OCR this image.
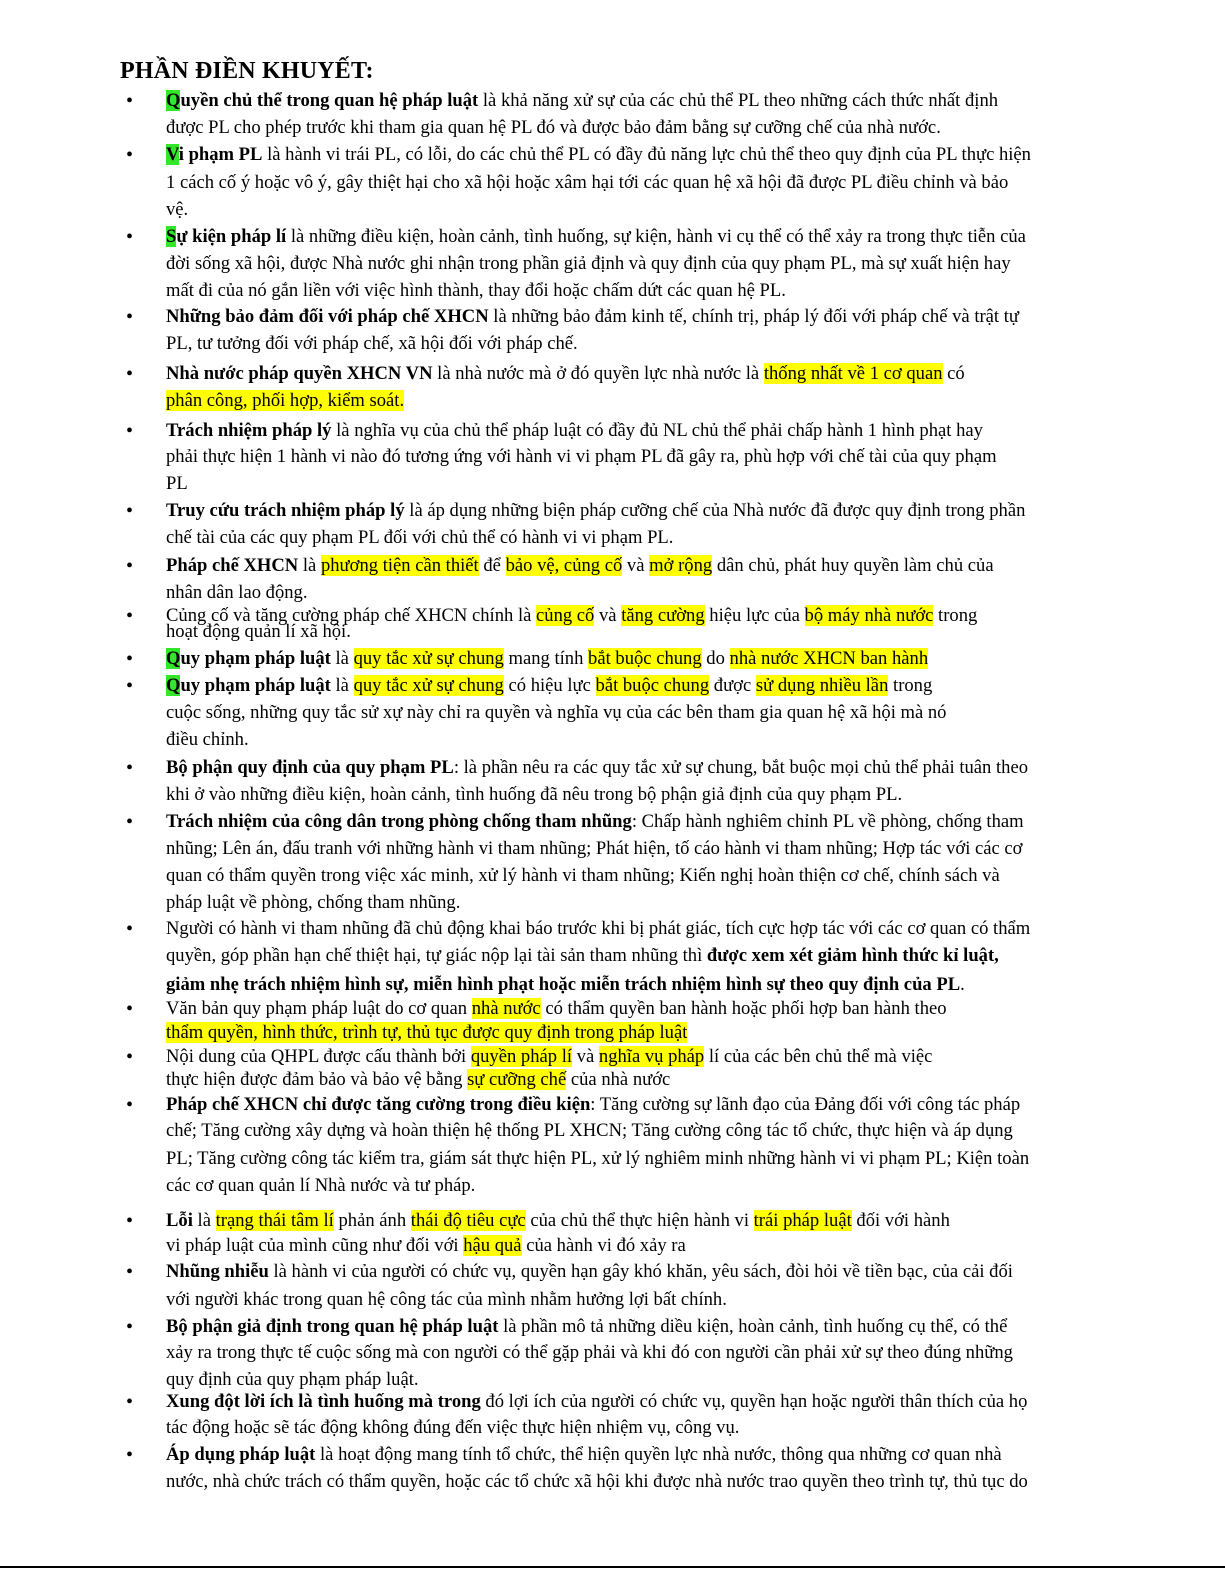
PHẦN ĐIỀN KHUYẾT:
•	Quyền chủ thể trong quan hệ pháp luật là khả năng xử sự của các chủ thể PL theo những cách thức nhất định
được PL cho phép trước khi tham gia quan hệ PL đó và được bảo đảm bằng sự cưỡng chế của nhà nước.
•	Vi phạm PL là hành vi trái PL, có lỗi, do các chủ thể PL có đầy đủ năng lực chủ thể theo quy định của PL thực hiện
1 cách cố ý hoặc vô ý, gây thiệt hại cho xã hội hoặc xâm hại tới các quan hệ xã hội đã được PL điều chỉnh và bảo
vệ.
•	Sự kiện pháp lí là những điều kiện, hoàn cảnh, tình huống, sự kiện, hành vi cụ thể có thể xảy ra trong thực tiễn của
đời sống xã hội, được Nhà nước ghi nhận trong phần giả định và quy định của quy phạm PL, mà sự xuất hiện hay
mất đi của nó gắn liền với việc hình thành, thay đổi hoặc chấm dứt các quan hệ PL.
•	Những bảo đảm đối với pháp chế XHCN là những bảo đảm kinh tế, chính trị, pháp lý đối với pháp chế và trật tự
PL, tư tưởng đối với pháp chế, xã hội đối với pháp chế.
•	Nhà nước pháp quyền XHCN VN là nhà nước mà ở đó quyền lực nhà nước là thống nhất về 1 cơ quan có
phân công, phối hợp, kiểm soát.
•	Trách nhiệm pháp lý là nghĩa vụ của chủ thể pháp luật có đầy đủ NL chủ thể phải chấp hành 1 hình phạt hay
phải thực hiện 1 hành vi nào đó tương ứng với hành vi vi phạm PL đã gây ra, phù hợp với chế tài của quy phạm
PL
•	Truy cứu trách nhiệm pháp lý là áp dụng những biện pháp cưỡng chế của Nhà nước đã được quy định trong phần
chế tài của các quy phạm PL đối với chủ thể có hành vi vi phạm PL.
•	Pháp chế XHCN là phương tiện cần thiết để bảo vệ, củng cố và mở rộng dân chủ, phát huy quyền làm chủ của
nhân dân lao động.
•	Củng cố và tăng cường pháp chế XHCN chính là củng cố và tăng cường hiệu lực của bộ máy nhà nước trong
hoạt động quản lí xã hội.
•	Quy phạm pháp luật là quy tắc xử sự chung mang tính bắt buộc chung do nhà nước XHCN ban hành
•	Quy phạm pháp luật là quy tắc xử sự chung có hiệu lực bắt buộc chung được sử dụng nhiều lần trong
cuộc sống, những quy tắc sử xự này chỉ ra quyền và nghĩa vụ của các bên tham gia quan hệ xã hội mà nó
điều chỉnh.
•	Bộ phận quy định của quy phạm PL: là phần nêu ra các quy tắc xử sự chung, bắt buộc mọi chủ thể phải tuân theo
khi ở vào những điều kiện, hoàn cảnh, tình huống đã nêu trong bộ phận giả định của quy phạm PL.
•	Trách nhiệm của công dân trong phòng chống tham nhũng: Chấp hành nghiêm chỉnh PL về phòng, chống tham
nhũng; Lên án, đấu tranh với những hành vi tham nhũng; Phát hiện, tố cáo hành vi tham nhũng; Hợp tác với các cơ
quan có thẩm quyền trong việc xác minh, xử lý hành vi tham nhũng; Kiến nghị hoàn thiện cơ chế, chính sách và
pháp luật về phòng, chống tham nhũng.
•	Người có hành vi tham nhũng đã chủ động khai báo trước khi bị phát giác, tích cực hợp tác với các cơ quan có thẩm
quyền, góp phần hạn chế thiệt hại, tự giác nộp lại tài sản tham nhũng thì được xem xét giảm hình thức kỉ luật,
giảm nhẹ trách nhiệm hình sự, miễn hình phạt hoặc miễn trách nhiệm hình sự theo quy định của PL.
•	Văn bản quy phạm pháp luật do cơ quan nhà nước có thẩm quyền ban hành hoặc phối hợp ban hành theo
thẩm quyền, hình thức, trình tự, thủ tục được quy định trong pháp luật
•	Nội dung của QHPL được cấu thành bởi quyền pháp lí và nghĩa vụ pháp lí của các bên chủ thể mà việc
thực hiện được đảm bảo và bảo vệ bằng sự cưỡng chế của nhà nước
•	Pháp chế XHCN chỉ được tăng cường trong điều kiện: Tăng cường sự lãnh đạo của Đảng đối với công tác pháp
chế; Tăng cường xây dựng và hoàn thiện hệ thống PL XHCN; Tăng cường công tác tổ chức, thực hiện và áp dụng
PL; Tăng cường công tác kiểm tra, giám sát thực hiện PL, xử lý nghiêm minh những hành vi vi phạm PL; Kiện toàn
các cơ quan quản lí Nhà nước và tư pháp.
•	Lỗi là trạng thái tâm lí phản ánh thái độ tiêu cực của chủ thể thực hiện hành vi trái pháp luật đối với hành
vi pháp luật của mình cũng như đối với hậu quả của hành vi đó xảy ra
•	Nhũng nhiễu là hành vi của người có chức vụ, quyền hạn gây khó khăn, yêu sách, đòi hỏi về tiền bạc, của cải đối
với người khác trong quan hệ công tác của mình nhằm hưởng lợi bất chính.
•	Bộ phận giả định trong quan hệ pháp luật là phần mô tả những diều kiện, hoàn cảnh, tình huống cụ thể, có thể
xảy ra trong thực tế cuộc sống mà con người có thể gặp phải và khi đó con người cần phải xử sự theo đúng những
quy định của quy phạm pháp luật.
•	Xung đột lời ích là tình huống mà trong đó lợi ích của người có chức vụ, quyền hạn hoặc người thân thích của họ
tác động hoặc sẽ tác động không đúng đến việc thực hiện nhiệm vụ, công vụ.
•	Áp dụng pháp luật là hoạt động mang tính tổ chức, thể hiện quyền lực nhà nước, thông qua những cơ quan nhà
nước, nhà chức trách có thẩm quyền, hoặc các tổ chức xã hội khi được nhà nước trao quyền theo trình tự, thủ tục do
